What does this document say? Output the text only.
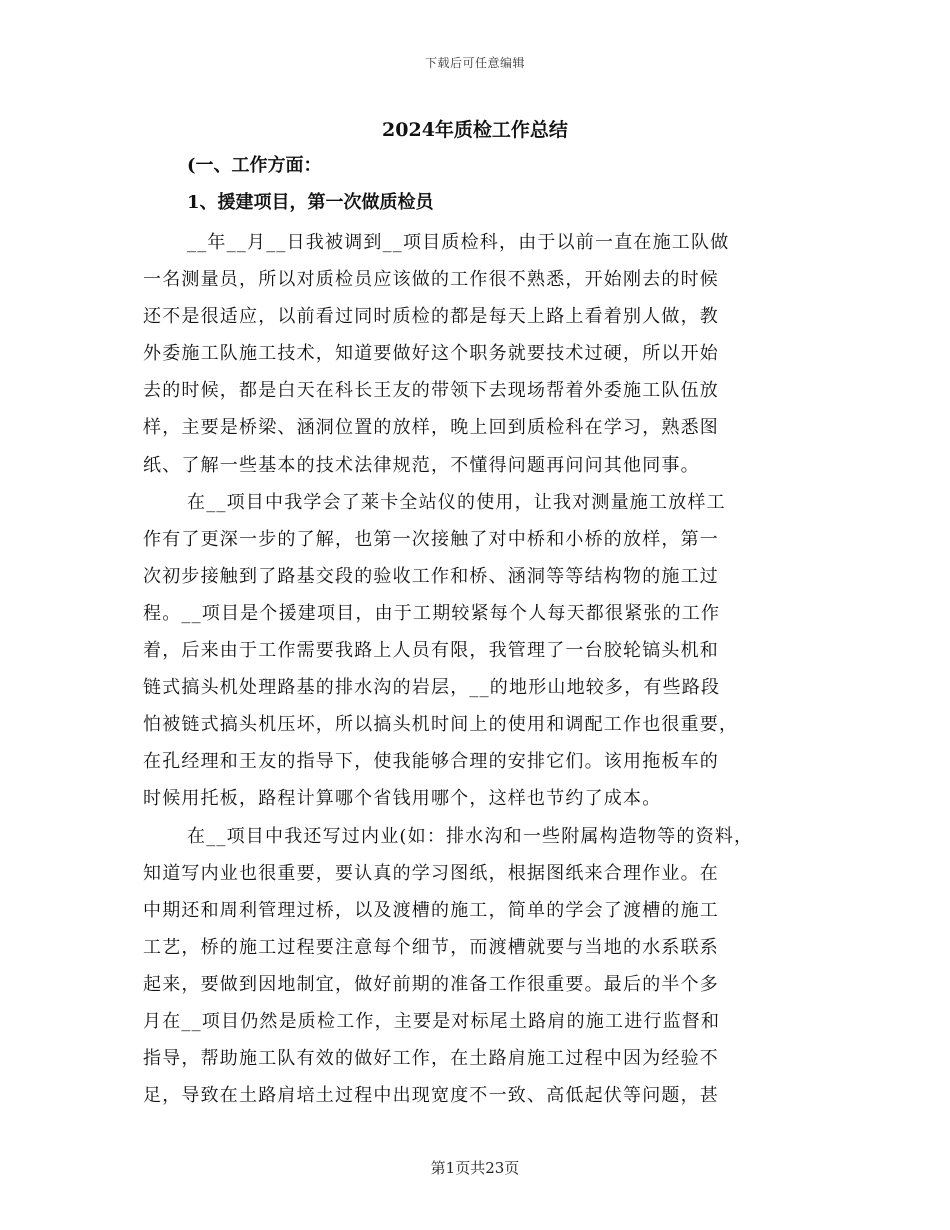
下载后可任意编辑
2024年质检工作总结
(一、工作方面：
1、援建项目，第一次做质检员
__年__月__日我被调到__项目质检科，由于以前一直在施工队做
一名测量员，所以对质检员应该做的工作很不熟悉，开始刚去的时候
还不是很适应，以前看过同时质检的都是每天上路上看着别人做，教
外委施工队施工技术，知道要做好这个职务就要技术过硬，所以开始
去的时候，都是白天在科长王友的带领下去现场帮着外委施工队伍放
样，主要是桥梁、涵洞位置的放样，晚上回到质检科在学习，熟悉图
纸、了解一些基本的技术法律规范，不懂得问题再问问其他同事。
在__项目中我学会了莱卡全站仪的使用，让我对测量施工放样工
作有了更深一步的了解，也第一次接触了对中桥和小桥的放样，第一
次初步接触到了路基交段的验收工作和桥、涵洞等等结构物的施工过
程。__项目是个援建项目，由于工期较紧每个人每天都很紧张的工作
着，后来由于工作需要我路上人员有限，我管理了一台胶轮镐头机和
链式搞头机处理路基的排水沟的岩层，__的地形山地较多，有些路段
怕被链式搞头机压坏，所以搞头机时间上的使用和调配工作也很重要，
在孔经理和王友的指导下，使我能够合理的安排它们。该用拖板车的
时候用托板，路程计算哪个省钱用哪个，这样也节约了成本。
在__项目中我还写过内业(如：排水沟和一些附属构造物等的资料，
知道写内业也很重要，要认真的学习图纸，根据图纸来合理作业。在
中期还和周利管理过桥，以及渡槽的施工，简单的学会了渡槽的施工
工艺，桥的施工过程要注意每个细节，而渡槽就要与当地的水系联系
起来，要做到因地制宜，做好前期的准备工作很重要。最后的半个多
月在__项目仍然是质检工作，主要是对标尾土路肩的施工进行监督和
指导，帮助施工队有效的做好工作，在土路肩施工过程中因为经验不
足，导致在土路肩培土过程中出现宽度不一致、高低起伏等问题，甚
第1页共23页
